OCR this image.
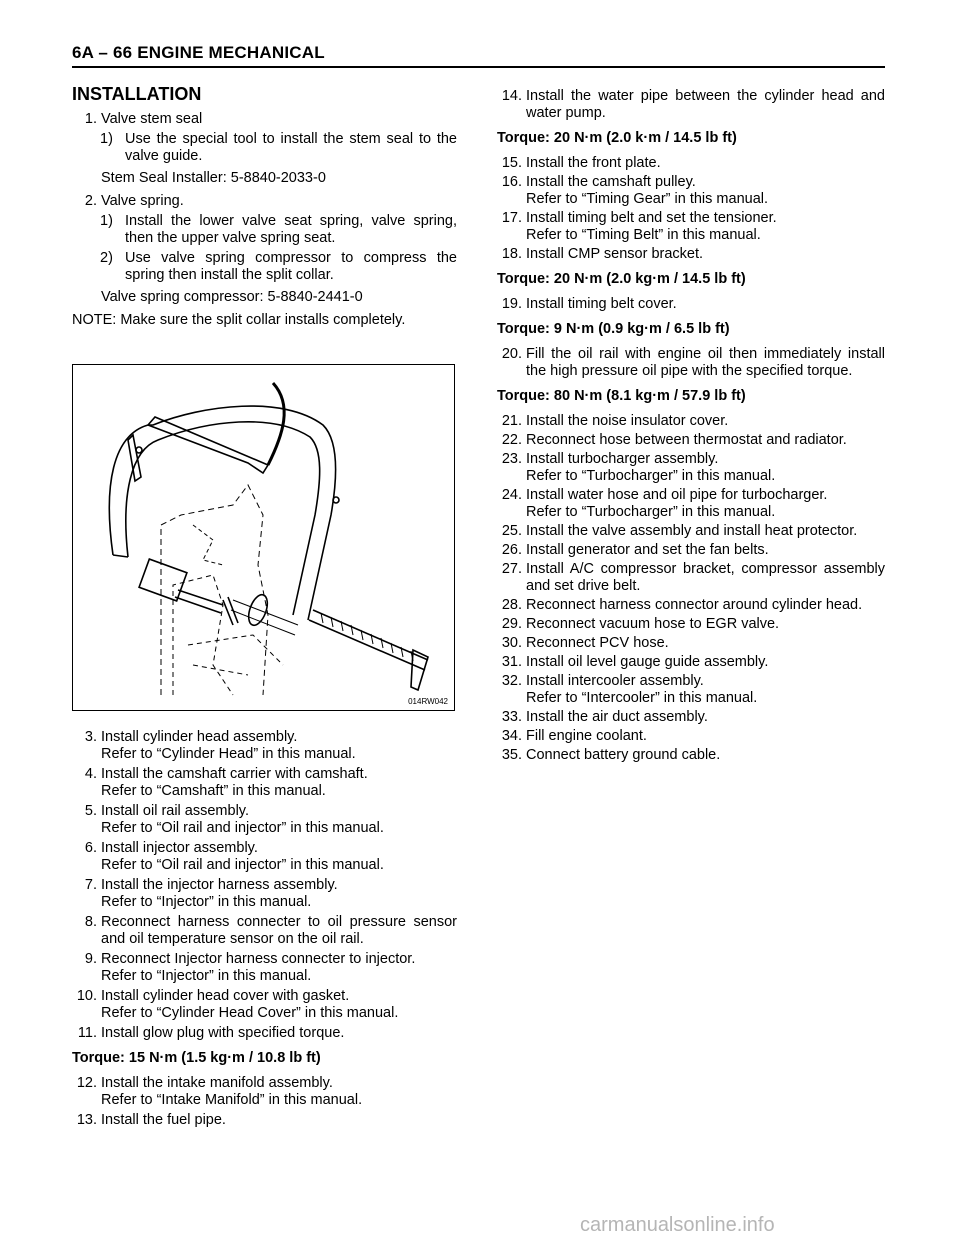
6A – 66 ENGINE MECHANICAL
INSTALLATION
1. Valve stem seal
1) Use the special tool to install the stem seal to the valve guide.
Stem Seal Installer: 5-8840-2033-0
2. Valve spring.
1) Install the lower valve seat spring, valve spring, then the upper valve spring seat.
2) Use valve spring compressor to compress the spring then install the split collar.
Valve spring compressor: 5-8840-2441-0
NOTE: Make sure the split collar installs completely.
014RW042
3. Install cylinder head assembly.
Refer to “Cylinder Head” in this manual.
4. Install the camshaft carrier with camshaft.
Refer to “Camshaft” in this manual.
5. Install oil rail assembly.
Refer to “Oil rail and injector” in this manual.
6. Install injector assembly.
Refer to “Oil rail and injector” in this manual.
7. Install the injector harness assembly.
Refer to “Injector” in this manual.
8. Reconnect harness connecter to oil pressure sensor and oil temperature sensor on the oil rail.
9. Reconnect Injector harness connecter to injector.
Refer to “Injector” in this manual.
10. Install cylinder head cover with gasket.
Refer to “Cylinder Head Cover” in this manual.
11. Install glow plug with specified torque.
Torque: 15 N·m (1.5 kg·m / 10.8 lb ft)
12. Install the intake manifold assembly.
Refer to “Intake Manifold” in this manual.
13. Install the fuel pipe.
14. Install the water pipe between the cylinder head and water pump.
Torque: 20 N·m (2.0 k·m / 14.5 lb ft)
15. Install the front plate.
16. Install the camshaft pulley.
Refer to “Timing Gear” in this manual.
17. Install timing belt and set the tensioner.
Refer to “Timing Belt” in this manual.
18. Install CMP sensor bracket.
Torque: 20 N·m (2.0 kg·m / 14.5 lb ft)
19. Install timing belt cover.
Torque: 9 N·m (0.9 kg·m / 6.5 lb ft)
20. Fill the oil rail with engine oil then immediately install the high pressure oil pipe with the specified torque.
Torque: 80 N·m (8.1 kg·m / 57.9 lb ft)
21. Install the noise insulator cover.
22. Reconnect hose between thermostat and radiator.
23. Install turbocharger assembly.
Refer to “Turbocharger” in this manual.
24. Install water hose and oil pipe for turbocharger.
Refer to “Turbocharger” in this manual.
25. Install the valve assembly and install heat protector.
26. Install generator and set the fan belts.
27. Install A/C compressor bracket, compressor assembly and set drive belt.
28. Reconnect harness connector around cylinder head.
29. Reconnect vacuum hose to EGR valve.
30. Reconnect PCV hose.
31. Install oil level gauge guide assembly.
32. Install intercooler assembly.
Refer to “Intercooler” in this manual.
33. Install the air duct assembly.
34. Fill engine coolant.
35. Connect battery ground cable.
carmanualsonline.info
